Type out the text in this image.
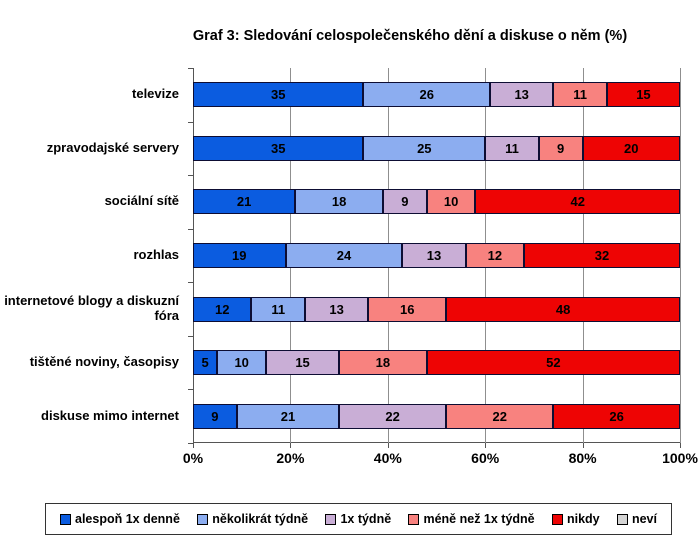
Graf 3: Sledování celospolečenského dění a diskuse o něm (%)
televize
zpravodajské servery
sociální sítě
rozhlas
internetové blogy a diskuzní fóra
tištěné noviny, časopisy
diskuse mimo internet
35	26	13	11	15
35	25	11	9	20
21	18	9	10	42
19	24	13	12	32
12	11	13	16	48
5	10	15	18	52
9	21	22	22	26
0%	20%	40%	60%	80%	100%
alespoň 1x denně	několikrát týdně	1x týdně	méně než 1x týdně	nikdy	neví
